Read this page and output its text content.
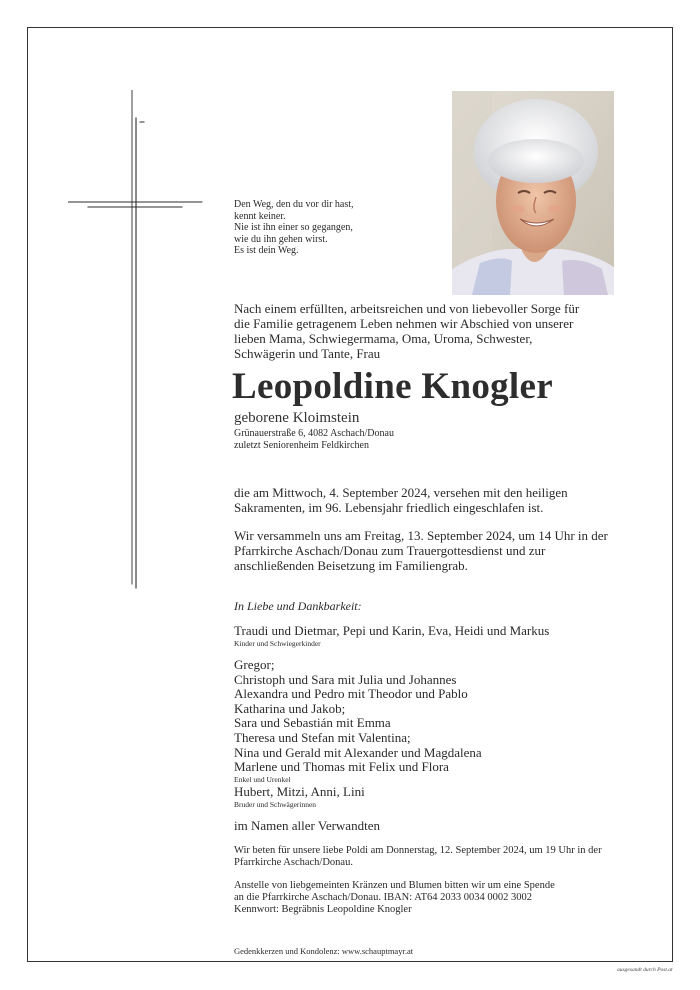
Den Weg, den du vor dir hast,
kennt keiner.
Nie ist ihn einer so gegangen,
wie du ihn gehen wirst.
Es ist dein Weg.
Nach einem erfüllten, arbeitsreichen und von liebevoller Sorge für die Familie getragenem Leben nehmen wir Abschied von unserer lieben Mama, Schwiegermama, Oma, Uroma, Schwester, Schwägerin und Tante, Frau
Leopoldine Knogler
geborene Kloimstein
Grünauerstraße 6, 4082 Aschach/Donau
zuletzt Seniorenheim Feldkirchen
die am Mittwoch, 4. September 2024, versehen mit den heiligen Sakramenten, im 96. Lebensjahr friedlich eingeschlafen ist.
Wir versammeln uns am Freitag, 13. September 2024, um 14 Uhr in der Pfarrkirche Aschach/Donau zum Trauergottesdienst und zur anschließenden Beisetzung im Familiengrab.
In Liebe und Dankbarkeit:
Traudi und Dietmar, Pepi und Karin, Eva, Heidi und Markus
Kinder und Schwiegerkinder
Gregor;
Christoph und Sara mit Julia und Johannes
Alexandra und Pedro mit Theodor und Pablo
Katharina und Jakob;
Sara und Sebastián mit Emma
Theresa und Stefan mit Valentina;
Nina und Gerald mit Alexander und Magdalena
Marlene und Thomas mit Felix und Flora
Enkel und Urenkel
Hubert, Mitzi, Anni, Lini
Bruder und Schwägerinnen
im Namen aller Verwandten
Wir beten für unsere liebe Poldi am Donnerstag, 12. September 2024, um 19 Uhr in der Pfarrkirche Aschach/Donau.
Anstelle von liebgemeinten Kränzen und Blumen bitten wir um eine Spende
an die Pfarrkirche Aschach/Donau. IBAN: AT64 2033 0034 0002 3002
Kennwort: Begräbnis Leopoldine Knogler
Gedenkkerzen und Kondolenz: www.schauptmayr.at
ausgesandt durch Post.at
